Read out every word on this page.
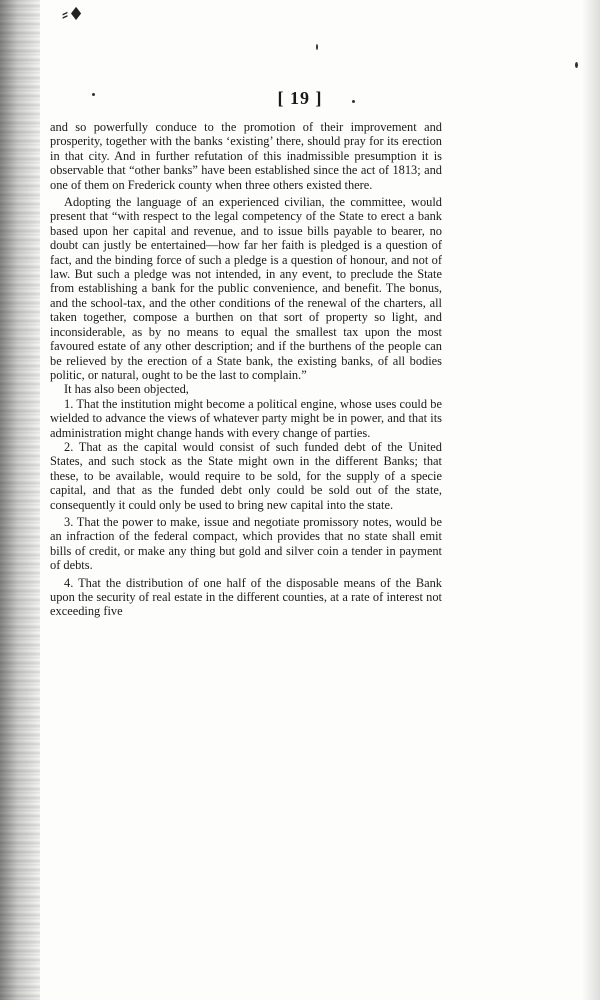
⸗♦
[ 19 ]

and so powerfully conduce to the promotion of their improvement and prosperity, together with the banks ‘existing’ there, should pray for its erection in that city. And in further refutation of this inadmissible presumption it is observable that “other banks” have been established since the act of 1813; and one of them on Frederick county when three others existed there.

Adopting the language of an experienced civilian, the committee, would present that “with respect to the legal competency of the State to erect a bank based upon her capital and revenue, and to issue bills payable to bearer, no doubt can justly be entertained—how far her faith is pledged is a question of fact, and the binding force of such a pledge is a question of honour, and not of law. But such a pledge was not intended, in any event, to preclude the State from establishing a bank for the public convenience, and benefit. The bonus, and the school-tax, and the other conditions of the renewal of the charters, all taken together, compose a burthen on that sort of property so light, and inconsiderable, as by no means to equal the smallest tax upon the most favoured estate of any other description; and if the burthens of the people can be relieved by the erection of a State bank, the existing banks, of all bodies politic, or natural, ought to be the last to complain.”

It has also been objected,

1. That the institution might become a political engine, whose uses could be wielded to advance the views of whatever party might be in power, and that its administration might change hands with every change of parties.

2. That as the capital would consist of such funded debt of the United States, and such stock as the State might own in the different Banks; that these, to be available, would require to be sold, for the supply of a specie capital, and that as the funded debt only could be sold out of the state, consequently it could only be used to bring new capital into the state.

3. That the power to make, issue and negotiate promissory notes, would be an infraction of the federal compact, which provides that no state shall emit bills of credit, or make any thing but gold and silver coin a tender in payment of debts.

4. That the distribution of one half of the disposable means of the Bank upon the security of real estate in the different counties, at a rate of interest not exceeding five
